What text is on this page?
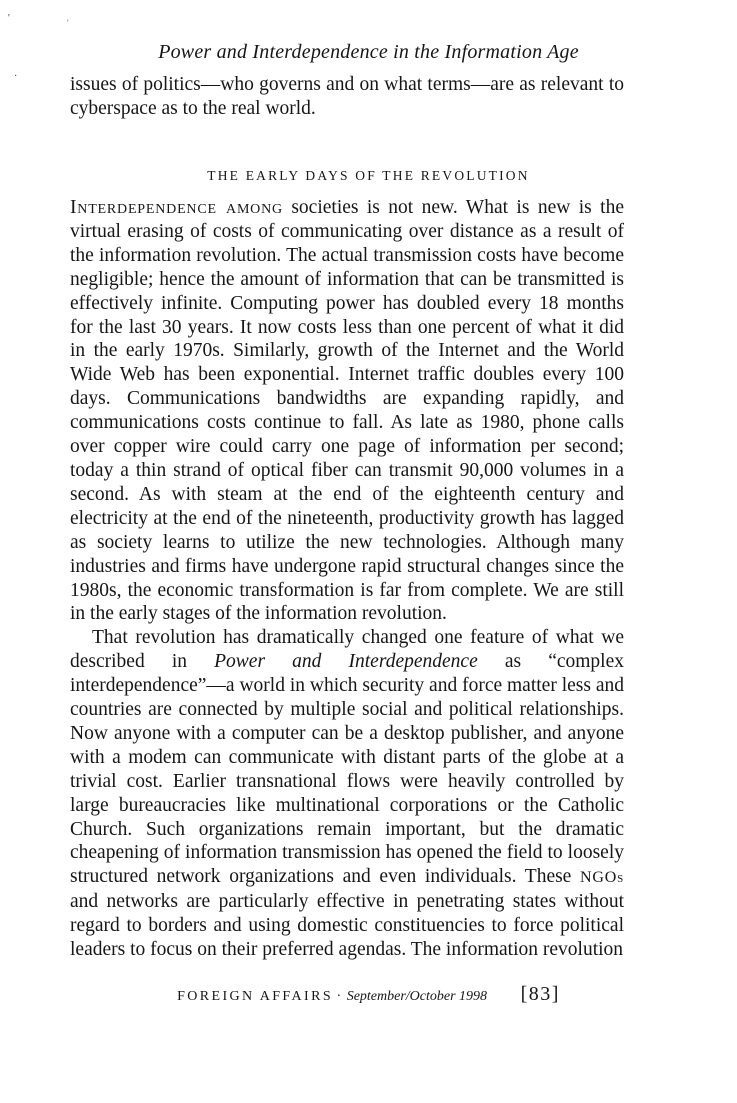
'
ʾ
·
Power and Interdependence in the Information Age

issues of politics—who governs and on what terms—are as relevant to cyberspace as to the real world.

THE EARLY DAYS OF THE REVOLUTION

Interdependence among societies is not new. What is new is the virtual erasing of costs of communicating over distance as a result of the information revolution. The actual transmission costs have become negligible; hence the amount of information that can be transmitted is effectively infinite. Computing power has doubled every 18 months for the last 30 years. It now costs less than one percent of what it did in the early 1970s. Similarly, growth of the Internet and the World Wide Web has been exponential. Internet traffic doubles every 100 days. Communications bandwidths are expanding rapidly, and communications costs continue to fall. As late as 1980, phone calls over copper wire could carry one page of information per second; today a thin strand of optical fiber can transmit 90,000 volumes in a second. As with steam at the end of the eighteenth century and electricity at the end of the nineteenth, productivity growth has lagged as society learns to utilize the new technologies. Although many industries and firms have undergone rapid structural changes since the 1980s, the economic transformation is far from complete. We are still in the early stages of the information revolution.

That revolution has dramatically changed one feature of what we described in Power and Interdependence as “complex interdependence”—a world in which security and force matter less and countries are connected by multiple social and political relationships. Now anyone with a computer can be a desktop publisher, and anyone with a modem can communicate with distant parts of the globe at a trivial cost. Earlier transnational flows were heavily controlled by large bureaucracies like multinational corporations or the Catholic Church. Such organizations remain important, but the dramatic cheapening of information transmission has opened the field to loosely structured network organizations and even individuals. These NGOs and networks are particularly effective in penetrating states without regard to borders and using domestic constituencies to force political leaders to focus on their preferred agendas. The information revolution

FOREIGN AFFAIRS · September/October 1998 [83]
